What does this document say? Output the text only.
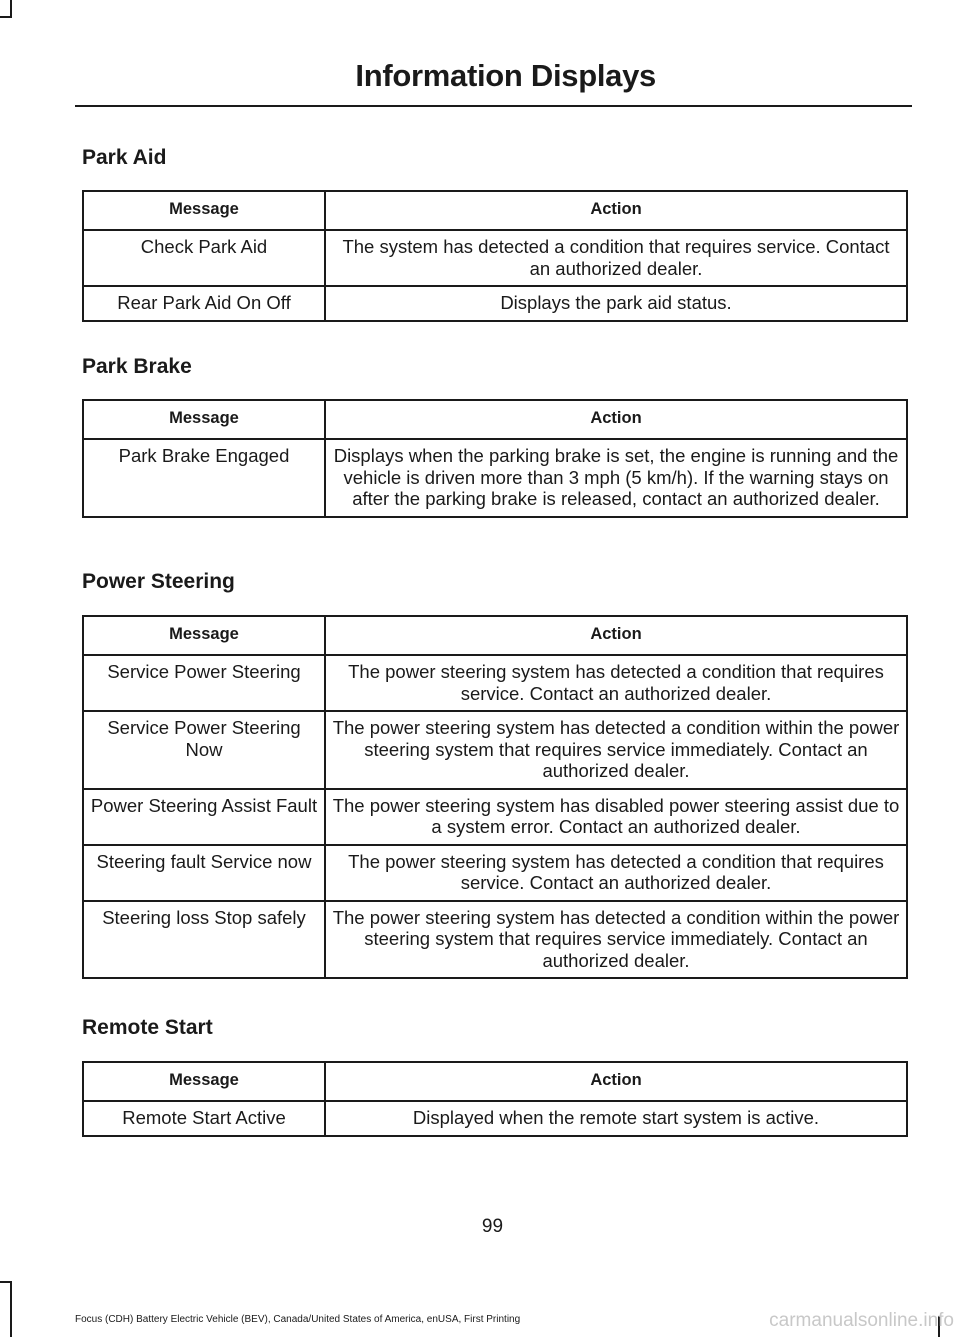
Information Displays
Park Aid
Message	Action
Check Park Aid	The system has detected a condition that requires service. Contact an authorized dealer.
Rear Park Aid On Off	Displays the park aid status.
Park Brake
Message	Action
Park Brake Engaged	Displays when the parking brake is set, the engine is running and the vehicle is driven more than 3 mph (5 km/h). If the warning stays on after the parking brake is released, contact an authorized dealer.
Power Steering
Message	Action
Service Power Steering	The power steering system has detected a condition that requires service. Contact an authorized dealer.
Service Power Steering Now	The power steering system has detected a condition within the power steering system that requires service immediately. Contact an authorized dealer.
Power Steering Assist Fault	The power steering system has disabled power steering assist due to a system error. Contact an authorized dealer.
Steering fault Service now	The power steering system has detected a condition that requires service. Contact an authorized dealer.
Steering loss Stop safely	The power steering system has detected a condition within the power steering system that requires service immediately. Contact an authorized dealer.
Remote Start
Message	Action
Remote Start Active	Displayed when the remote start system is active.
99
Focus (CDH) Battery Electric Vehicle (BEV), Canada/United States of America, enUSA, First Printing	carmanualsonline.info
